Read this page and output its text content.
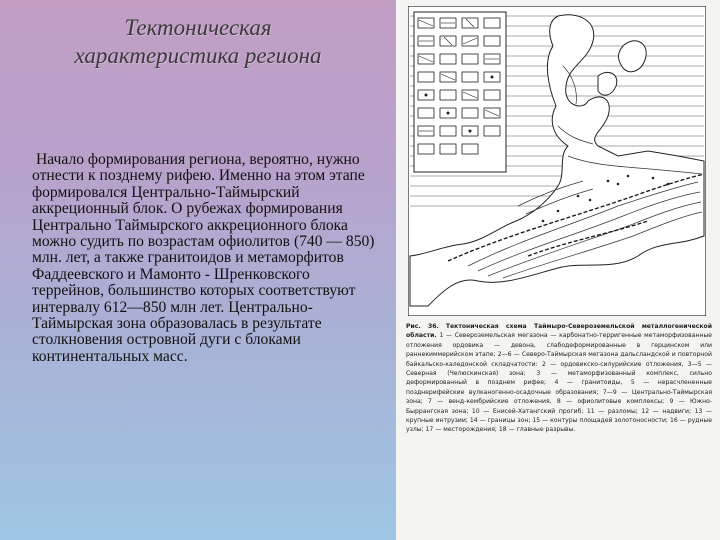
Тектоническая
характеристика региона

Начало формирования региона, вероятно, нужно отнести к позднему рифею. Именно на этом этапе формировался Центрально-Таймырский аккреционный блок. О рубежах формирования Центрально Таймырского аккреционного блока можно судить по возрастам офиолитов (740 — 850) млн. лет, а также гранитоидов и метаморфитов Фаддеевского и Мамонто - Шренковского террейнов, большинство которых соответствуют интервалу 612—850 млн лет. Центрально-Таймырская зона образовалась в результате столкновения островной дуги с блоками континентальных масс.

Рис. 36. Тектоническая схема Таймыро-Североземельской металлогенической области. 1 — Североземельская мегазона — карбонатно-терригенные метаморфизованные отложения ордовика — девона, слабодеформированные в герцинском или раннекиммерийском этапе; 2—6 — Северо-Таймырская мегазона дальсландской и повторной байкальско-каледонской складчатости: 2 — ордовикско-силурийские отложения, 3—5 — Северная (Челюскинская) зона; 3 — метаморфизованный комплекс, сильно деформированный в позднем рифее; 4 — гранитоиды, 5 — нерасчлененные позднерифейские вулканогенно-осадочные образования; 7—9 — Центрально-Таймырская зона; 7 — венд-кембрийские отложения, 8 — офиолитовые комплексы; 9 — Южно-Быррангская зона; 10 — Енисей-Хатангский прогиб; 11 — разломы; 12 — надвиги; 13 — крупные интрузии; 14 — границы зон; 15 — контуры площадей золотоносности; 16 — рудные узлы; 17 — месторождения; 18 — главные разрывы.
